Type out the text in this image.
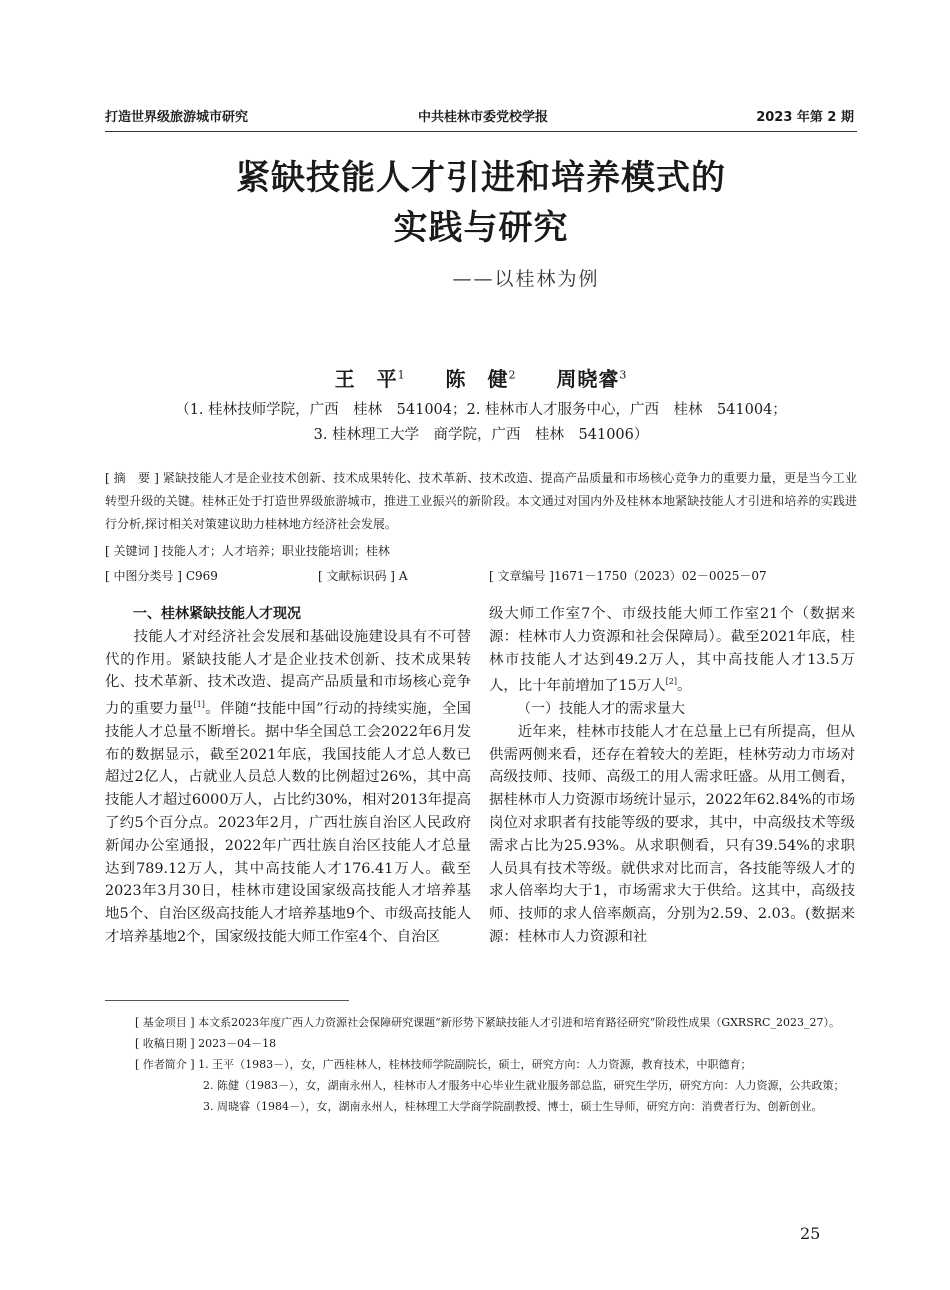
打造世界级旅游城市研究	中共桂林市委党校学报	2023 年第 2 期
紧缺技能人才引进和培养模式的
实践与研究
——以桂林为例
王　平$^1$ 陈　健$^2$ 周晓睿$^3$
（1. 桂林技师学院，广西　桂林　541004；2. 桂林市人才服务中心，广西　桂林　541004；
3. 桂林理工大学　商学院，广西　桂林　541006）
[ 摘　要 ] 紧缺技能人才是企业技术创新、技术成果转化、技术革新、技术改造、提高产品质量和市场核心竞争力的重要力量，更是当今工业转型升级的关键。桂林正处于打造世界级旅游城市，推进工业振兴的新阶段。本文通过对国内外及桂林本地紧缺技能人才引进和培养的实践进行分析,探讨相关对策建议助力桂林地方经济社会发展。
[ 关键词 ] 技能人才；人才培养；职业技能培训；桂林
[ 中图分类号 ] C969	[ 文献标识码 ] A	[ 文章编号 ]1671－1750（2023）02－0025－07
一、桂林紧缺技能人才现况

技能人才对经济社会发展和基础设施建设具有不可替代的作用。紧缺技能人才是企业技术创新、技术成果转化、技术革新、技术改造、提高产品质量和市场核心竞争力的重要力量[1]。伴随“技能中国”行动的持续实施，全国技能人才总量不断增长。据中华全国总工会2022年6月发布的数据显示，截至2021年底，我国技能人才总人数已超过2亿人，占就业人员总人数的比例超过26%，其中高技能人才超过6000万人，占比约30%，相对2013年提高了约5个百分点。2023年2月，广西壮族自治区人民政府新闻办公室通报，2022年广西壮族自治区技能人才总量达到789.12万人，其中高技能人才176.41万人。截至2023年3月30日，桂林市建设国家级高技能人才培养基地5个、自治区级高技能人才培养基地9个、市级高技能人才培养基地2个，国家级技能大师工作室4个、自治区

级大师工作室7个、市级技能大师工作室21个（数据来源：桂林市人力资源和社会保障局）。截至2021年底，桂林市技能人才达到49.2万人，其中高技能人才13.5万人，比十年前增加了15万人[2]。

（一）技能人才的需求量大

近年来，桂林市技能人才在总量上已有所提高，但从供需两侧来看，还存在着较大的差距，桂林劳动力市场对高级技师、技师、高级工的用人需求旺盛。从用工侧看，据桂林市人力资源市场统计显示，2022年62.84%的市场岗位对求职者有技能等级的要求，其中，中高级技术等级需求占比为25.93%。从求职侧看，只有39.54%的求职人员具有技术等级。就供求对比而言，各技能等级人才的求人倍率均大于1，市场需求大于供给。这其中，高级技师、技师的求人倍率颇高，分别为2.59、2.03。(数据来源：桂林市人力资源和社

[ 基金项目 ]
本文系2023年度广西人力资源社会保障研究课题“新形势下紧缺技能人才引进和培育路径研究”阶段性成果（GXRSRC_2023_27）。
[ 收稿日期 ]
2023－04－18
[ 作者简介 ]
1. 王平（1983－），女，广西桂林人，桂林技师学院副院长，硕士，研究方向：人力资源，教育技术，中职德育；
2. 陈健（1983－），女，湖南永州人，桂林市人才服务中心毕业生就业服务部总监，研究生学历，研究方向：人力资源，公共政策；
3. 周晓睿（1984－），女，湖南永州人，桂林理工大学商学院副教授、博士，硕士生导师，研究方向：消费者行为、创新创业。
25
